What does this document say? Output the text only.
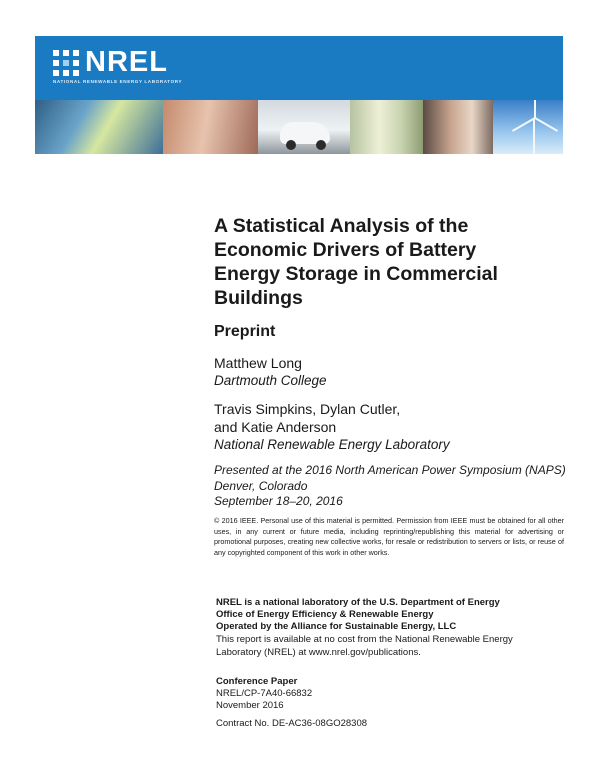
NREL
NATIONAL RENEWABLE ENERGY LABORATORY
A Statistical Analysis of the
Economic Drivers of Battery
Energy Storage in Commercial
Buildings
Preprint
Matthew Long
Dartmouth College
Travis Simpkins, Dylan Cutler,
and Katie Anderson
National Renewable Energy Laboratory
Presented at the 2016 North American Power Symposium (NAPS)
Denver, Colorado
September 18–20, 2016
© 2016 IEEE. Personal use of this material is permitted. Permission from IEEE must be obtained for all other uses, in any current or future media, including reprinting/republishing this material for advertising or promotional purposes, creating new collective works, for resale or redistribution to servers or lists, or reuse of any copyrighted component of this work in other works.
NREL is a national laboratory of the U.S. Department of Energy
Office of Energy Efficiency & Renewable Energy
Operated by the Alliance for Sustainable Energy, LLC
This report is available at no cost from the National Renewable Energy Laboratory (NREL) at www.nrel.gov/publications.
Conference Paper
NREL/CP-7A40-66832
November 2016
Contract No. DE-AC36-08GO28308
